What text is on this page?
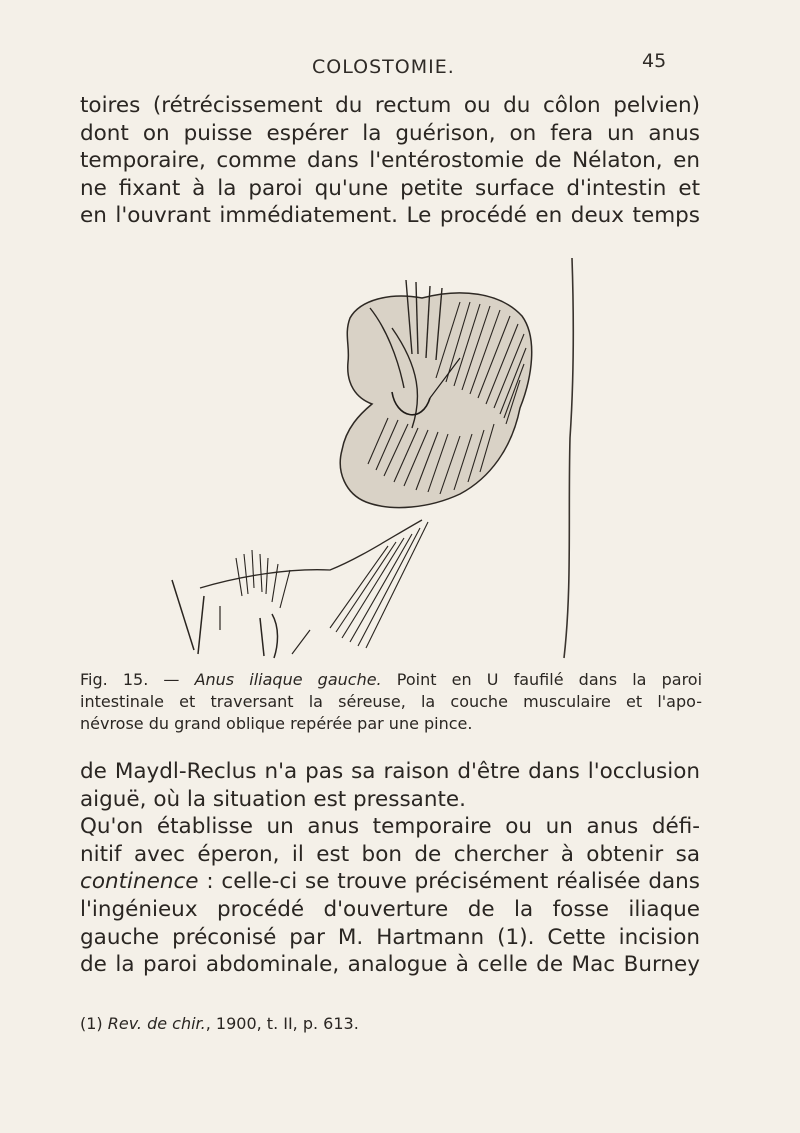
COLOSTOMIE.	45

toires (rétrécissement du rectum ou du côlon pelvien)
dont on puisse espérer la guérison, on fera un anus
temporaire, comme dans l'entérostomie de Nélaton, en
ne fixant à la paroi qu'une petite surface d'intestin et
en l'ouvrant immédiatement. Le procédé en deux temps

Fig. 15. — Anus iliaque gauche. Point en U faufilé dans la paroi
intestinale et traversant la séreuse, la couche musculaire et l'apo-
névrose du grand oblique repérée par une pince.

de Maydl-Reclus n'a pas sa raison d'être dans l'occlusion
aiguë, où la situation est pressante.
Qu'on établisse un anus temporaire ou un anus défi-
nitif avec éperon, il est bon de chercher à obtenir sa
continence : celle-ci se trouve précisément réalisée dans
l'ingénieux procédé d'ouverture de la fosse iliaque
gauche préconisé par M. Hartmann (1). Cette incision
de la paroi abdominale, analogue à celle de Mac Burney

(1) Rev. de chir., 1900, t. II, p. 613.
